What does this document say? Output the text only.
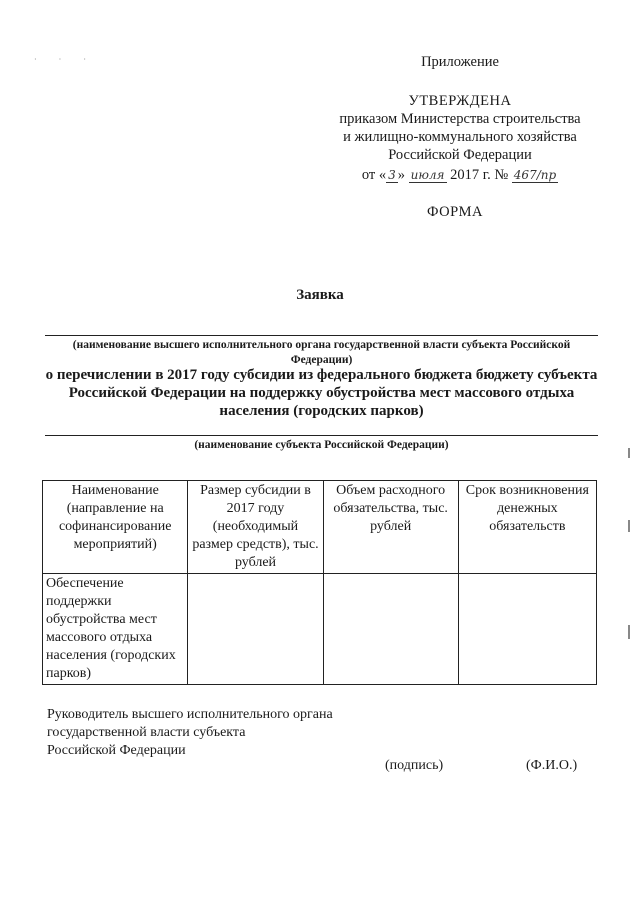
· · ·	Приложение
УТВЕРЖДЕНА
приказом Министерства строительства
и жилищно-коммунального хозяйства
Российской Федерации
от « 3 » июля 2017 г. № 467/пр
ФОРМА
Заявка
(наименование высшего исполнительного органа государственной власти субъекта Российской Федерации)
о перечислении в 2017 году субсидии из федерального бюджета бюджету субъекта Российской Федерации на поддержку обустройства мест массового отдыха населения (городских парков)
(наименование субъекта Российской Федерации)
Наименование (направление на софинансирование мероприятий)	Размер субсидии в 2017 году (необходимый размер средств), тыс. рублей	Объем расходного обязательства, тыс. рублей	Срок возникновения денежных обязательств
Обеспечение поддержки обустройства мест массового отдыха населения (городских парков)			
Руководитель высшего исполнительного органа
государственной власти субъекта
Российской Федерации
(подпись)	(Ф.И.О.)
